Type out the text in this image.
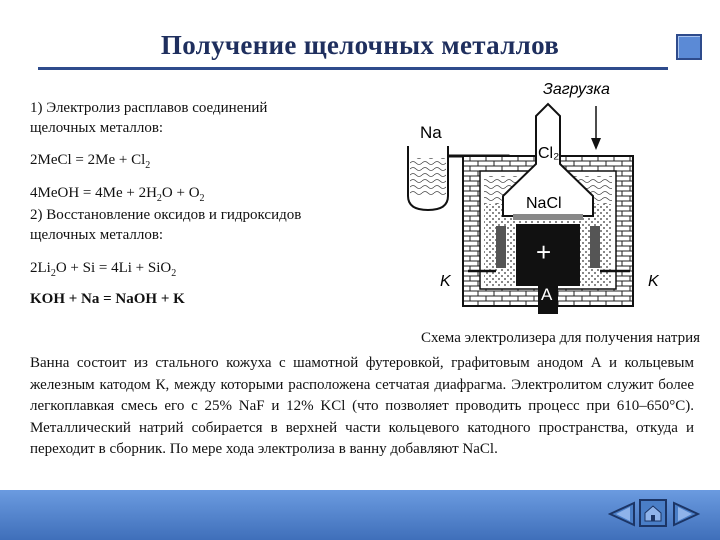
Получение щелочных металлов
1) Электролиз расплавов соединений
щелочных металлов:
2MeCl = $2Me + Cl_2$
4MeOH = $4Me + 2H_2O + O_2$
2) Восстановление оксидов и гидроксидов
щелочных металлов:
$2Li_2O + Si = 4Li + SiO_2$
KOH + Na = NaOH + K
Na
Загрузка
Cl₂
NaCl
+
A
K	K
Схема электролизера для получения натрия
Ванна состоит из стального кожуха с шамотной футеровкой, графитовым анодом А и кольцевым железным катодом К, между которыми расположена сетчатая диафрагма. Электролитом служит более легкоплавкая смесь его с 25% NaF и 12% KCl (что позволяет проводить процесс при 610–650°С). Металлический натрий собирается в верхней части кольцевого катодного пространства, откуда и переходит в сборник. По мере хода электролиза в ванну добавляют NaCl.
